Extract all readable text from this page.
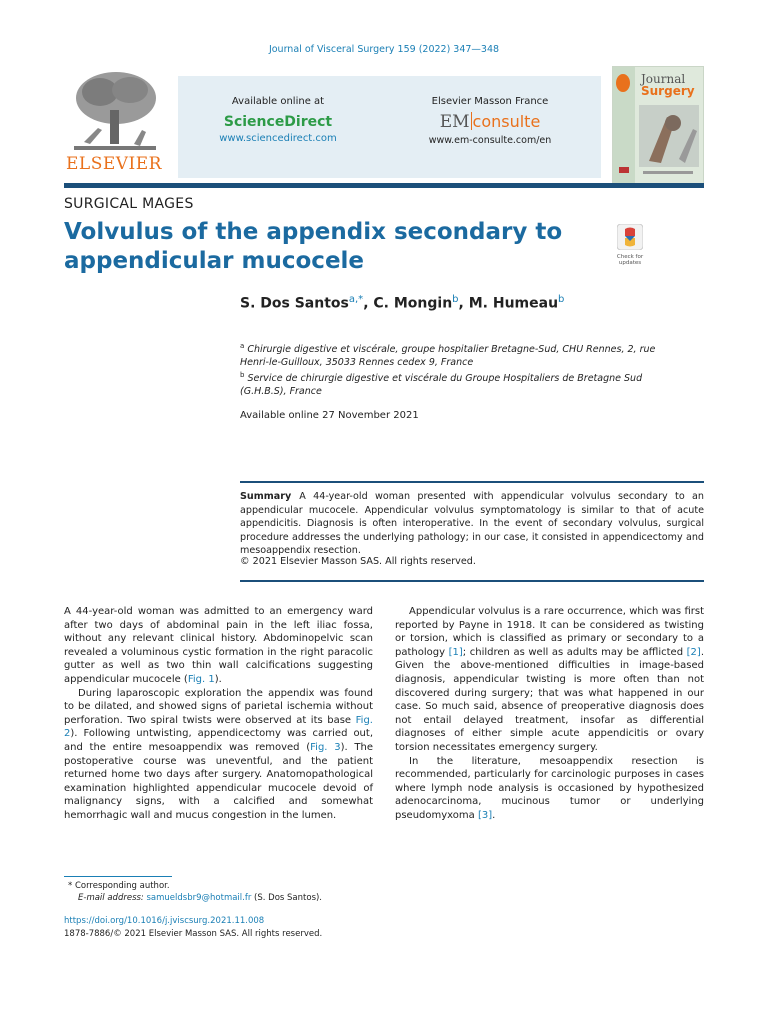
Journal of Visceral Surgery 159 (2022) 347—348
ELSEVIER
Available online at
ScienceDirect
www.sciencedirect.com
Elsevier Masson France
EM consulte
www.em-consulte.com/en
Journal
Surgery
SURGICAL MAGES
Volvulus of the appendix secondary to appendicular mucocele	Check for
updates
S. Dos Santos$^{a,*}$, C. Mongin$^b$, M. Humeau$^b$
$^a$ Chirurgie digestive et viscérale, groupe hospitalier Bretagne-Sud, CHU Rennes, 2, rue Henri-le-Guilloux, 35033 Rennes cedex 9, France
$^b$ Service de chirurgie digestive et viscérale du Groupe Hospitaliers de Bretagne Sud (G.H.B.S), France
Available online 27 November 2021
Summary A 44-year-old woman presented with appendicular volvulus secondary to an appendicular mucocele. Appendicular volvulus symptomatology is similar to that of acute appendicitis. Diagnosis is often interoperative. In the event of secondary volvulus, surgical procedure addresses the underlying pathology; in our case, it consisted in appendicectomy and mesoappendix resection.
© 2021 Elsevier Masson SAS. All rights reserved.

A 44-year-old woman was admitted to an emergency ward after two days of abdominal pain in the left iliac fossa, without any relevant clinical history. Abdominopelvic scan revealed a voluminous cystic formation in the right paracolic gutter as well as two thin wall calcifications suggesting appendicular mucocele (Fig. 1).

During laparoscopic exploration the appendix was found to be dilated, and showed signs of parietal ischemia without perforation. Two spiral twists were observed at its base Fig. 2). Following untwisting, appendicectomy was carried out, and the entire mesoappendix was removed (Fig. 3). The postoperative course was uneventful, and the patient returned home two days after surgery. Anatomopathological examination highlighted appendicular mucocele devoid of malignancy signs, with a calcified and somewhat hemorrhagic wall and mucus congestion in the lumen.

Appendicular volvulus is a rare occurrence, which was first reported by Payne in 1918. It can be considered as twisting or torsion, which is classified as primary or secondary to a pathology [1]; children as well as adults may be afflicted [2]. Given the above-mentioned difficulties in image-based diagnosis, appendicular twisting is more often than not discovered during surgery; that was what happened in our case. So much said, absence of preoperative diagnosis does not entail delayed treatment, insofar as differential diagnoses of either simple acute appendicitis or ovary torsion necessitates emergency surgery.

In the literature, mesoappendix resection is recommended, particularly for carcinologic purposes in cases where lymph node analysis is occasioned by hypothesized adenocarcinoma, mucinous tumor or underlying pseudomyxoma [3].

* Corresponding author.
E-mail address: samueldsbr9@hotmail.fr (S. Dos Santos).
https://doi.org/10.1016/j.jviscsurg.2021.11.008
1878-7886/© 2021 Elsevier Masson SAS. All rights reserved.
